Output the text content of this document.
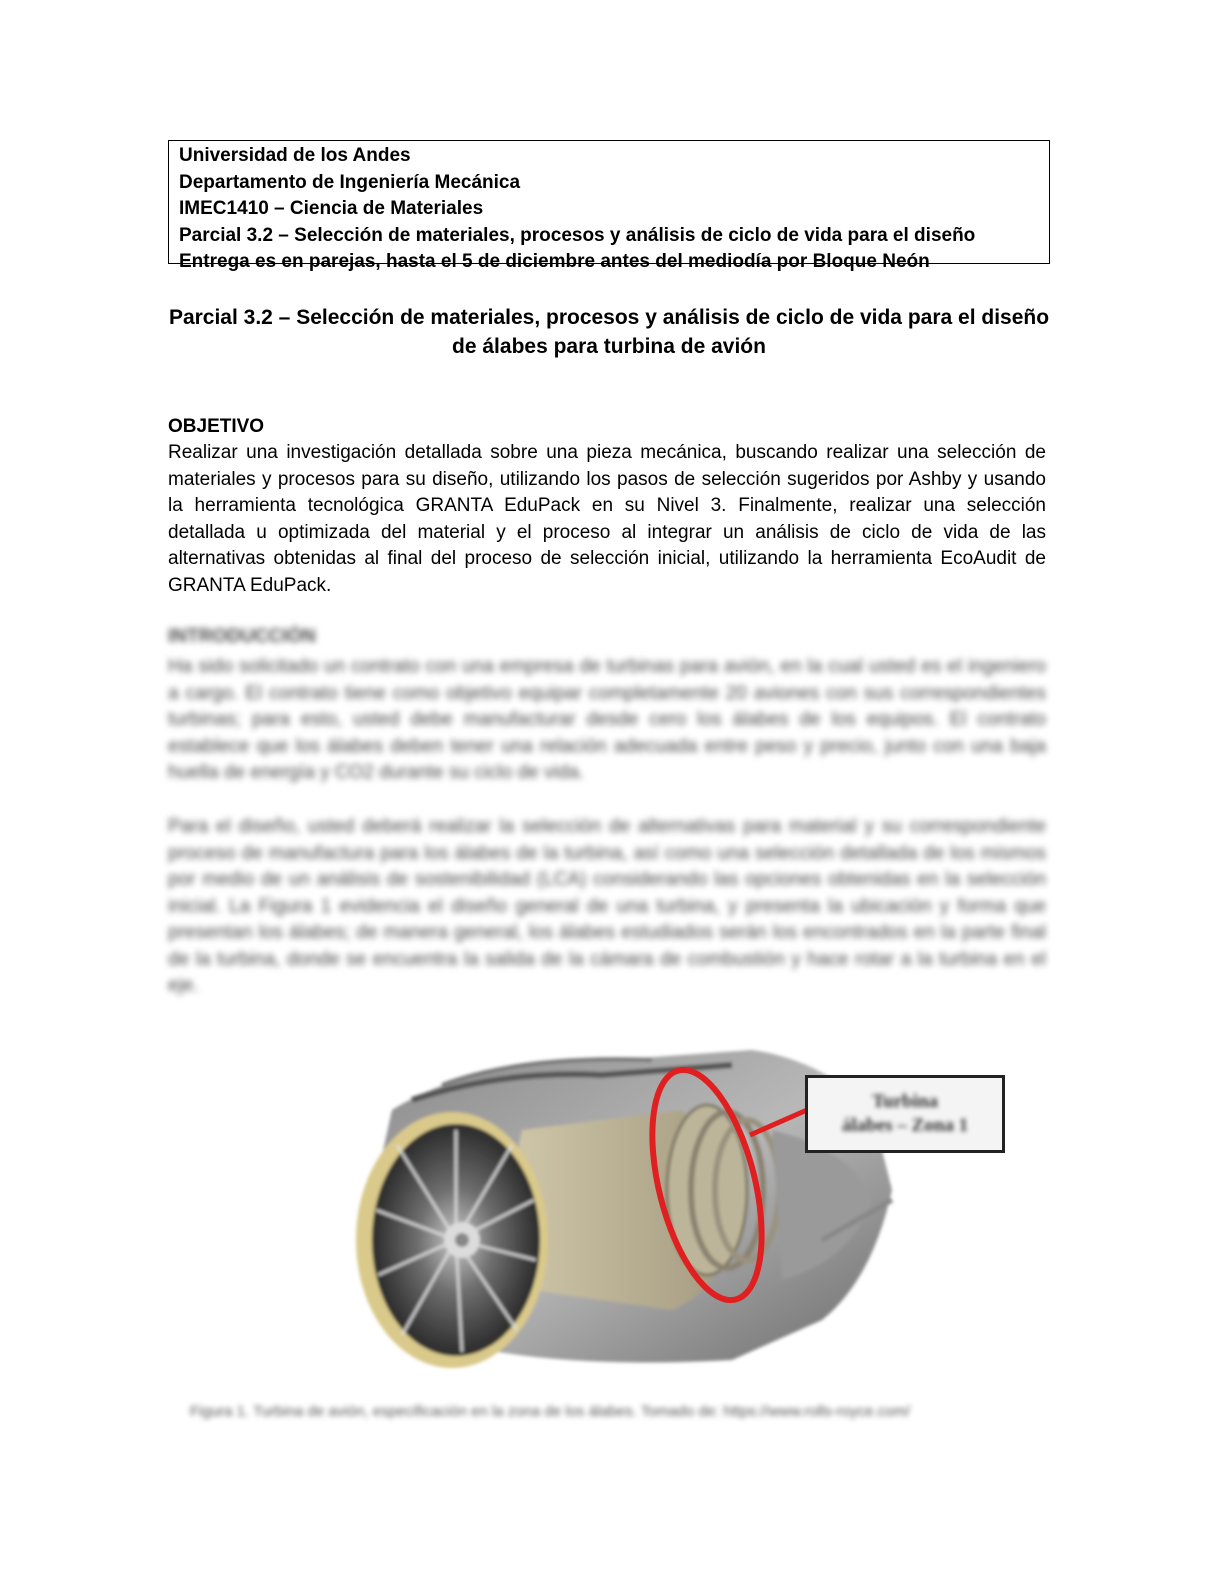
Universidad de los Andes
Departamento de Ingeniería Mecánica
IMEC1410 – Ciencia de Materiales
Parcial 3.2 – Selección de materiales, procesos y análisis de ciclo de vida para el diseño
Entrega es en parejas, hasta el 5 de diciembre antes del mediodía por Bloque Neón
Parcial 3.2 – Selección de materiales, procesos y análisis de ciclo de vida para el diseño
de álabes para turbina de avión
OBJETIVO
Realizar una investigación detallada sobre una pieza mecánica, buscando realizar una selección de materiales y procesos para su diseño, utilizando los pasos de selección sugeridos por Ashby y usando la herramienta tecnológica GRANTA EduPack en su Nivel 3. Finalmente, realizar una selección detallada u optimizada del material y el proceso al integrar un análisis de ciclo de vida de las alternativas obtenidas al final del proceso de selección inicial, utilizando la herramienta EcoAudit de GRANTA EduPack.
INTRODUCCIÓN
Ha sido solicitado un contrato con una empresa de turbinas para avión, en la cual usted es el ingeniero a cargo. El contrato tiene como objetivo equipar completamente 20 aviones con sus correspondientes turbinas; para esto, usted debe manufacturar desde cero los álabes de los equipos. El contrato establece que los álabes deben tener una relación adecuada entre peso y precio, junto con una baja huella de energía y CO2 durante su ciclo de vida.
Para el diseño, usted deberá realizar la selección de alternativas para material y su correspondiente proceso de manufactura para los álabes de la turbina, así como una selección detallada de los mismos por medio de un análisis de sostenibilidad (LCA) considerando las opciones obtenidas en la selección inicial. La Figura 1 evidencia el diseño general de una turbina, y presenta la ubicación y forma que presentan los álabes; de manera general, los álabes estudiados serán los encontrados en la parte final de la turbina, donde se encuentra la salida de la cámara de combustión y hace rotar a la turbina en el eje.
Turbina
álabes – Zona 1
Figura 1. Turbina de avión, especificación en la zona de los álabes. Tomado de: https://www.rolls-royce.com/
